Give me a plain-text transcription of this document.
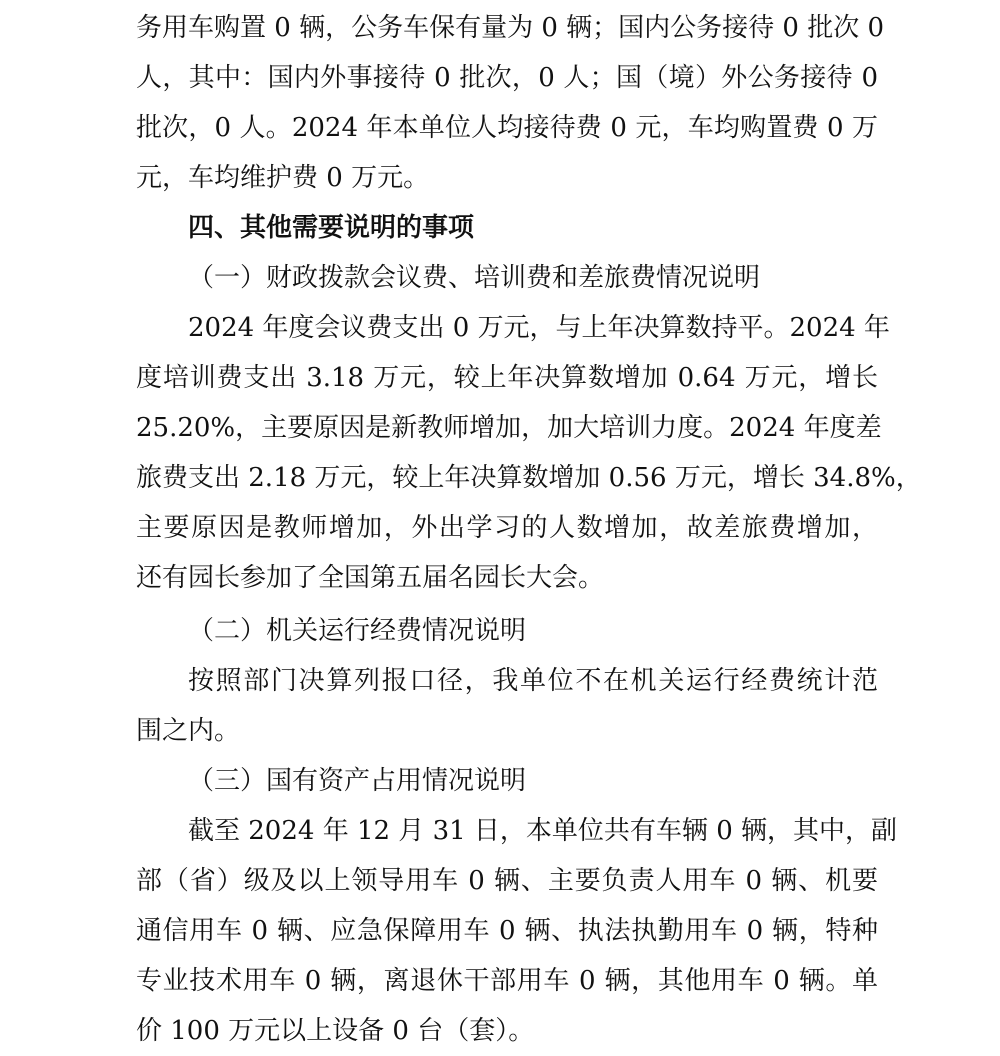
务用车购置 0 辆，公务车保有量为 0 辆；国内公务接待 0 批次 0
人，其中：国内外事接待 0 批次，0 人；国（境）外公务接待 0
批次，0 人。2024 年本单位人均接待费 0 元，车均购置费 0 万
元，车均维护费 0 万元。
四、其他需要说明的事项
（一）财政拨款会议费、培训费和差旅费情况说明
2024 年度会议费支出 0 万元，与上年决算数持平。2024 年
度培训费支出 3.18 万元，较上年决算数增加 0.64 万元，增长
25.20%，主要原因是新教师增加，加大培训力度。2024 年度差
旅费支出 2.18 万元，较上年决算数增加 0.56 万元，增长 34.8%，
主要原因是教师增加，外出学习的人数增加，故差旅费增加，
还有园长参加了全国第五届名园长大会。
（二）机关运行经费情况说明
按照部门决算列报口径，我单位不在机关运行经费统计范
围之内。
（三）国有资产占用情况说明
截至 2024 年 12 月 31 日，本单位共有车辆 0 辆，其中，副
部（省）级及以上领导用车 0 辆、主要负责人用车 0 辆、机要
通信用车 0 辆、应急保障用车 0 辆、执法执勤用车 0 辆，特种
专业技术用车 0 辆，离退休干部用车 0 辆，其他用车 0 辆。单
价 100 万元以上设备 0 台（套）。
